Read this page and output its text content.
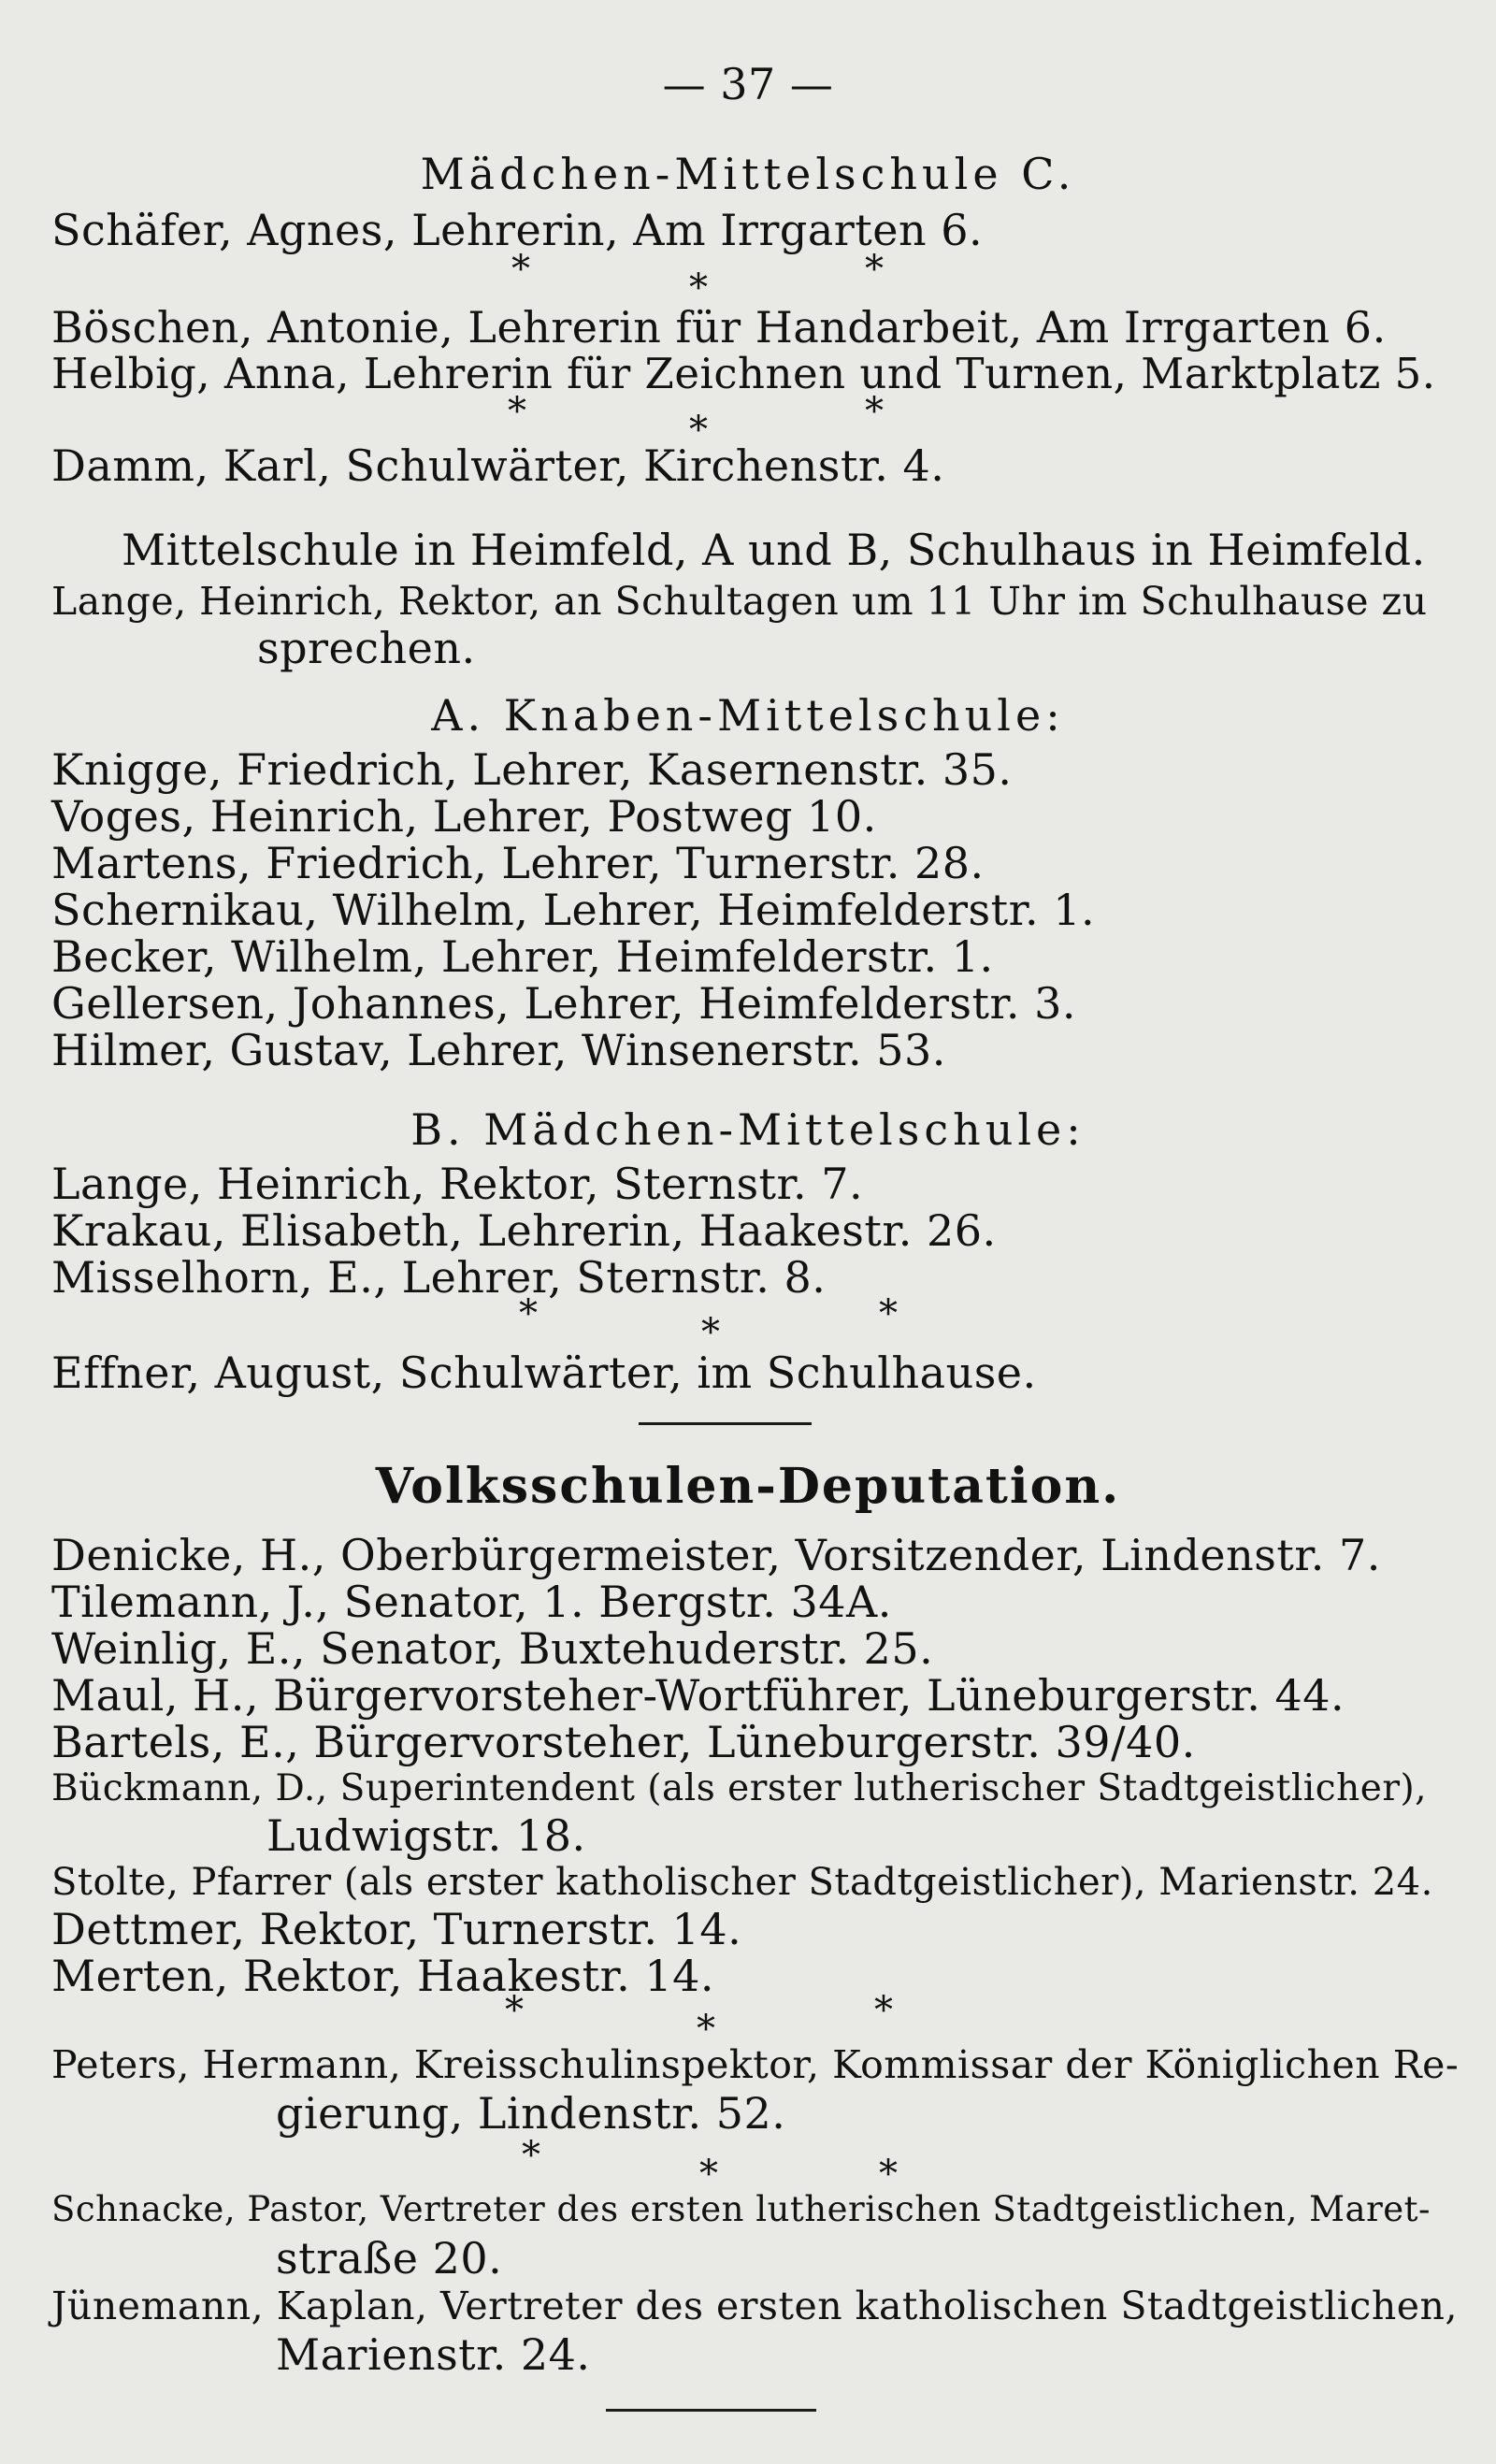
— 37 —
Mädchen-Mittelschule C.
Schäfer, Agnes, Lehrerin, Am Irrgarten 6.
*	*	*
Böschen, Antonie, Lehrerin für Handarbeit, Am Irrgarten 6.
Helbig, Anna, Lehrerin für Zeichnen und Turnen, Marktplatz 5.
*	*	*
Damm, Karl, Schulwärter, Kirchenstr. 4.
Mittelschule in Heimfeld, A und B, Schulhaus in Heimfeld.
Lange, Heinrich, Rektor, an Schultagen um 11 Uhr im Schulhause zu
sprechen.
A. Knaben-Mittelschule:
Knigge, Friedrich, Lehrer, Kasernenstr. 35.
Voges, Heinrich, Lehrer, Postweg 10.
Martens, Friedrich, Lehrer, Turnerstr. 28.
Schernikau, Wilhelm, Lehrer, Heimfelderstr. 1.
Becker, Wilhelm, Lehrer, Heimfelderstr. 1.
Gellersen, Johannes, Lehrer, Heimfelderstr. 3.
Hilmer, Gustav, Lehrer, Winsenerstr. 53.
B. Mädchen-Mittelschule:
Lange, Heinrich, Rektor, Sternstr. 7.
Krakau, Elisabeth, Lehrerin, Haakestr. 26.
Misselhorn, E., Lehrer, Sternstr. 8.
*	*	*
Effner, August, Schulwärter, im Schulhause.
Volksschulen-Deputation.
Denicke, H., Oberbürgermeister, Vorsitzender, Lindenstr. 7.
Tilemann, J., Senator, 1. Bergstr. 34A.
Weinlig, E., Senator, Buxtehuderstr. 25.
Maul, H., Bürgervorsteher-Wortführer, Lüneburgerstr. 44.
Bartels, E., Bürgervorsteher, Lüneburgerstr. 39/40.
Bückmann, D., Superintendent (als erster lutherischer Stadtgeistlicher),
Ludwigstr. 18.
Stolte, Pfarrer (als erster katholischer Stadtgeistlicher), Marienstr. 24.
Dettmer, Rektor, Turnerstr. 14.
Merten, Rektor, Haakestr. 14.
*	*	*
Peters, Hermann, Kreisschulinspektor, Kommissar der Königlichen Re-
gierung, Lindenstr. 52.
*	*	*
Schnacke, Pastor, Vertreter des ersten lutherischen Stadtgeistlichen, Maret-
straße 20.
Jünemann, Kaplan, Vertreter des ersten katholischen Stadtgeistlichen,
Marienstr. 24.
